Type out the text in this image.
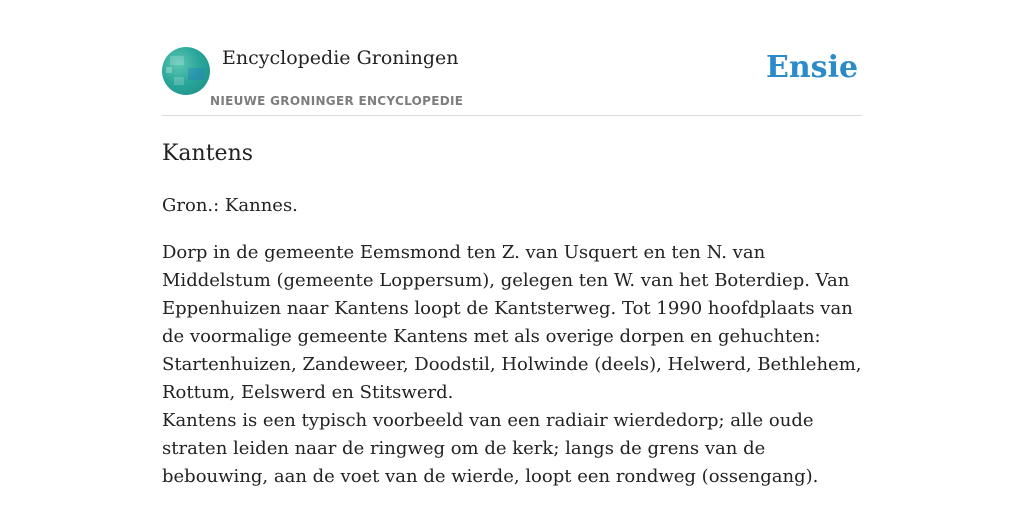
Encyclopedie Groningen
NIEUWE GRONINGER ENCYCLOPEDIE
Ensie
Kantens

Gron.: Kannes.

Dorp in de gemeente Eemsmond ten Z. van Usquert en ten N. van Middelstum (gemeente Loppersum), gelegen ten W. van het Boterdiep. Van Eppenhuizen naar Kantens loopt de Kantsterweg. Tot 1990 hoofdplaats van de voormalige gemeente Kantens met als overige dorpen en gehuchten: Startenhuizen, Zandeweer, Doodstil, Holwinde (deels), Helwerd, Bethlehem, Rottum, Eelswerd en Stitswerd.

Kantens is een typisch voorbeeld van een radiair wierdedorp; alle oude straten leiden naar de ringweg om de kerk; langs de grens van de bebouwing, aan de voet van de wierde, loopt een rondweg (ossengang).
